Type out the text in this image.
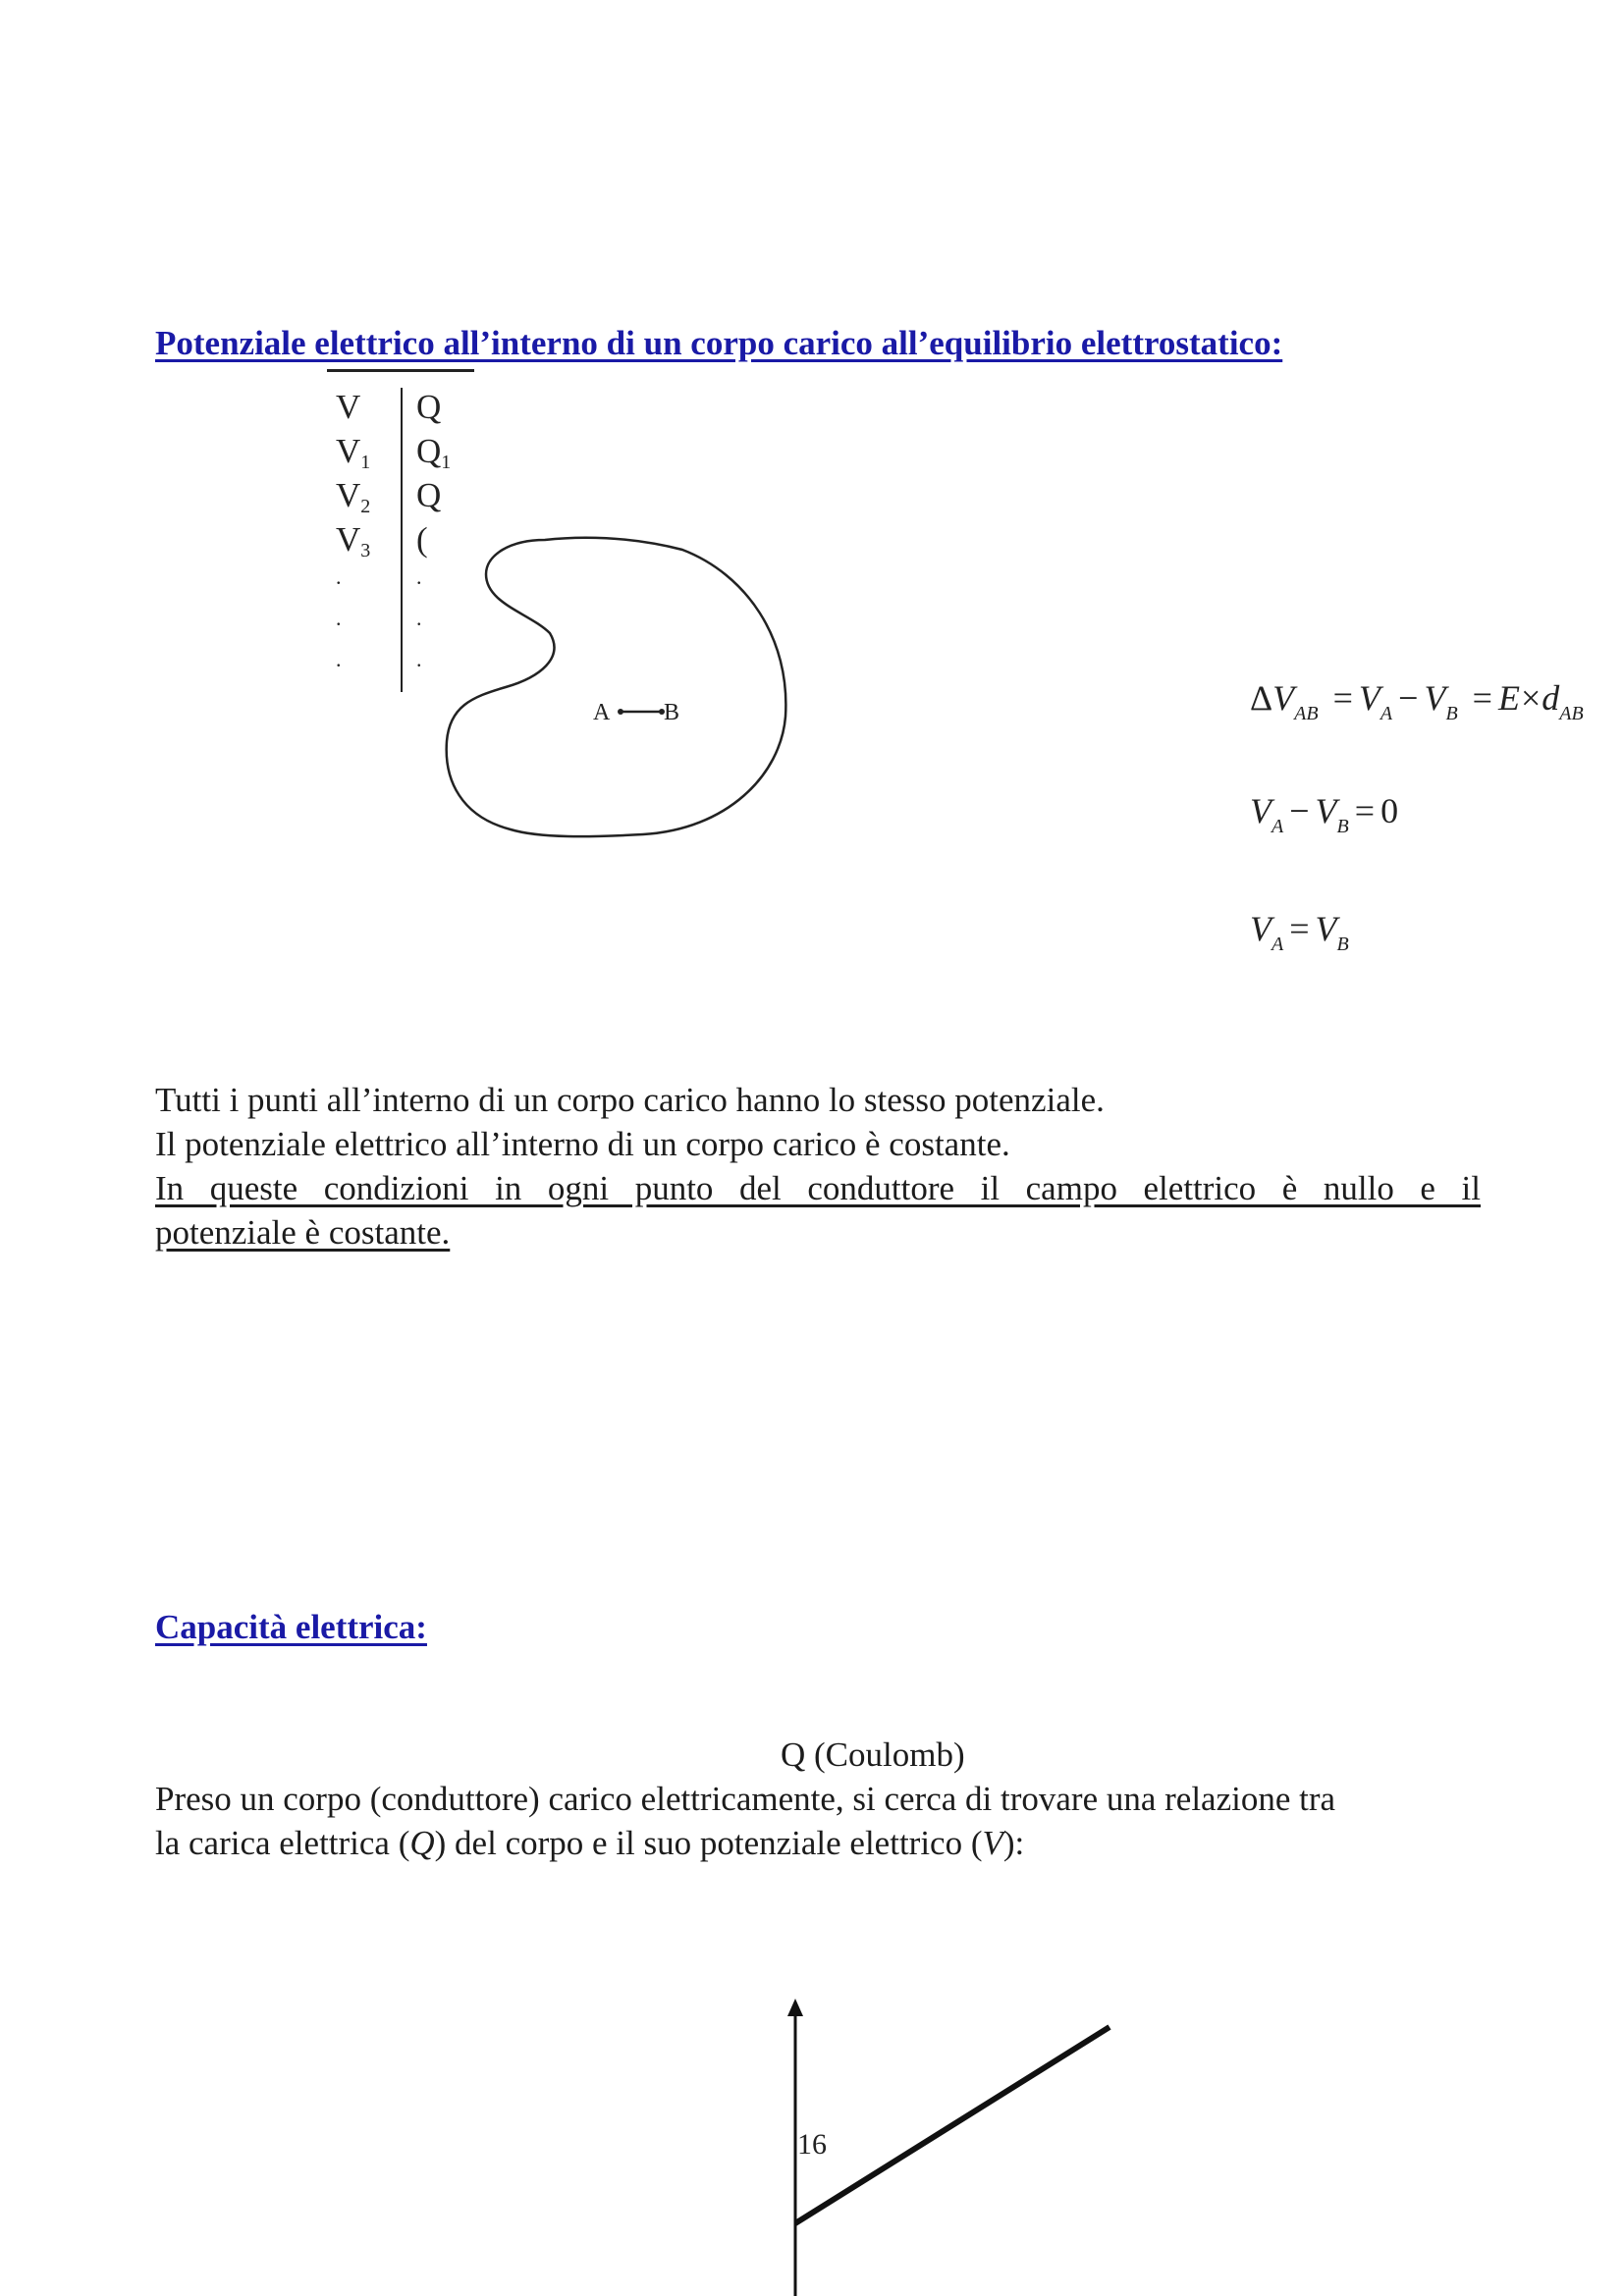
Potenziale elettrico all’interno di un corpo carico all’equilibrio elettrostatico:
V Q
$V_1$ $Q_1$
$V_2$ Q
$V_3$ (
.	.
.	.
.	.
A B	$\Delta V_{AB} = V_A - V_B = E\times d_{AB}$
$V_A - V_B = 0$
$V_A = V_B$
Tutti i punti all’interno di un corpo carico hanno lo stesso potenziale.
Il potenziale elettrico all’interno di un corpo carico è costante.
In queste condizioni in ogni punto del conduttore il campo elettrico è nullo e il
potenziale è costante.
Capacità elettrica:
Q (Coulomb)
Preso un corpo (conduttore) carico elettricamente, si cerca di trovare una relazione tra
la carica elettrica (Q) del corpo e il suo potenziale elettrico (V):
16
